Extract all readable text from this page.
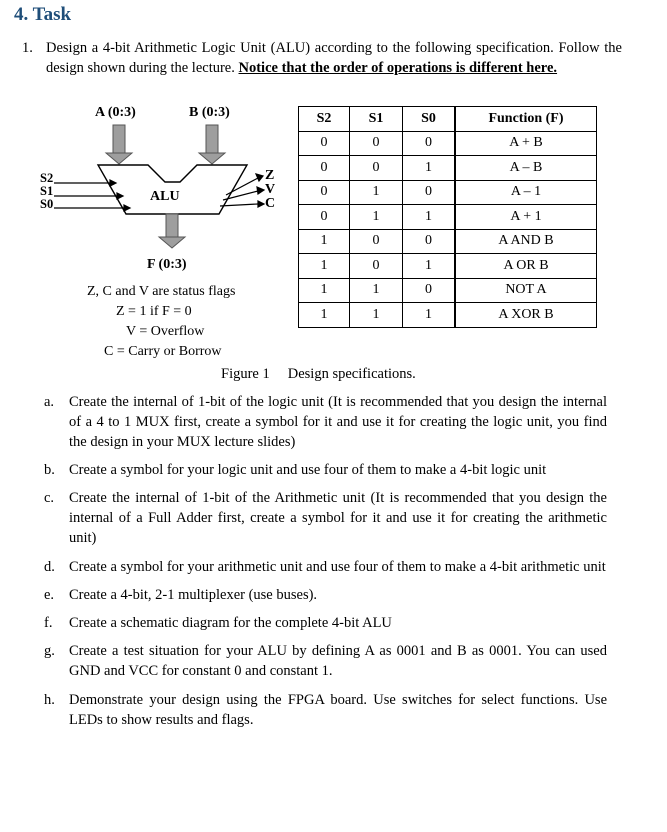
4. Task
1. Design a 4-bit Arithmetic Logic Unit (ALU) according to the following specification. Follow the design shown during the lecture. Notice that the order of operations is different here.
A (0:3)	B (0:3)
ALU
S2
S1
S0
Z
V
C
F (0:3)
Z, C and V are status flags
Z = 1 if F = 0
V = Overflow
C = Carry or Borrow
S2	S1	S0	Function (F)
0	0	0	A + B
0	0	1	A – B
0	1	0	A – 1
0	1	1	A + 1
1	0	0	A AND B
1	0	1	A OR B
1	1	0	NOT A
1	1	1	A XOR B
Figure 1 Design specifications.
a. Create the internal of 1-bit of the logic unit (It is recommended that you design the internal of a 4 to 1 MUX first, create a symbol for it and use it for creating the logic unit, you find the design in your MUX lecture slides)
b. Create a symbol for your logic unit and use four of them to make a 4-bit logic unit
c. Create the internal of 1-bit of the Arithmetic unit (It is recommended that you design the internal of a Full Adder first, create a symbol for it and use it for creating the arithmetic unit)
d. Create a symbol for your arithmetic unit and use four of them to make a 4-bit arithmetic unit
e. Create a 4-bit, 2-1 multiplexer (use buses).
f. Create a schematic diagram for the complete 4-bit ALU
g. Create a test situation for your ALU by defining A as 0001 and B as 0001. You can used GND and VCC for constant 0 and constant 1.
h. Demonstrate your design using the FPGA board. Use switches for select functions. Use LEDs to show results and flags.
